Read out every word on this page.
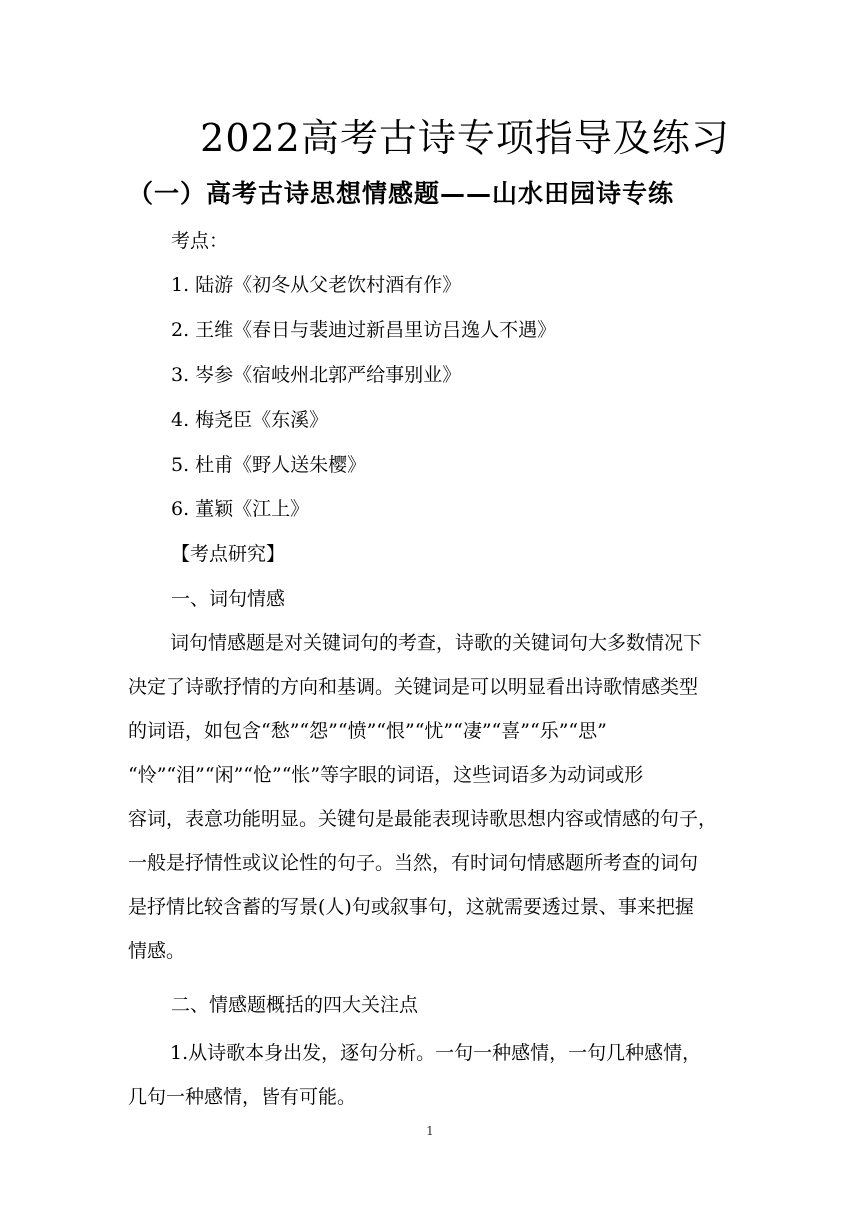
2022高考古诗专项指导及练习
（一）高考古诗思想情感题——山水田园诗专练

考点：

1. 陆游《初冬从父老饮村酒有作》

2. 王维《春日与裴迪过新昌里访吕逸人不遇》

3. 岑参《宿岐州北郭严给事别业》

4. 梅尧臣《东溪》

5. 杜甫《野人送朱樱》

6. 董颖《江上》

【考点研究】

一、词句情感

词句情感题是对关键词句的考查，诗歌的关键词句大多数情况下

决定了诗歌抒情的方向和基调。关键词是可以明显看出诗歌情感类型

的词语，如包含“愁”“怨”“愤”“恨”“忧”“凄”“喜”“乐”“思”

“怜”“泪”“闲”“怆”“怅”等字眼的词语，这些词语多为动词或形

容词，表意功能明显。关键句是最能表现诗歌思想内容或情感的句子，

一般是抒情性或议论性的句子。当然，有时词句情感题所考查的词句

是抒情比较含蓄的写景(人)句或叙事句，这就需要透过景、事来把握

情感。

二、情感题概括的四大关注点

1.从诗歌本身出发，逐句分析。一句一种感情，一句几种感情，

几句一种感情，皆有可能。

1
